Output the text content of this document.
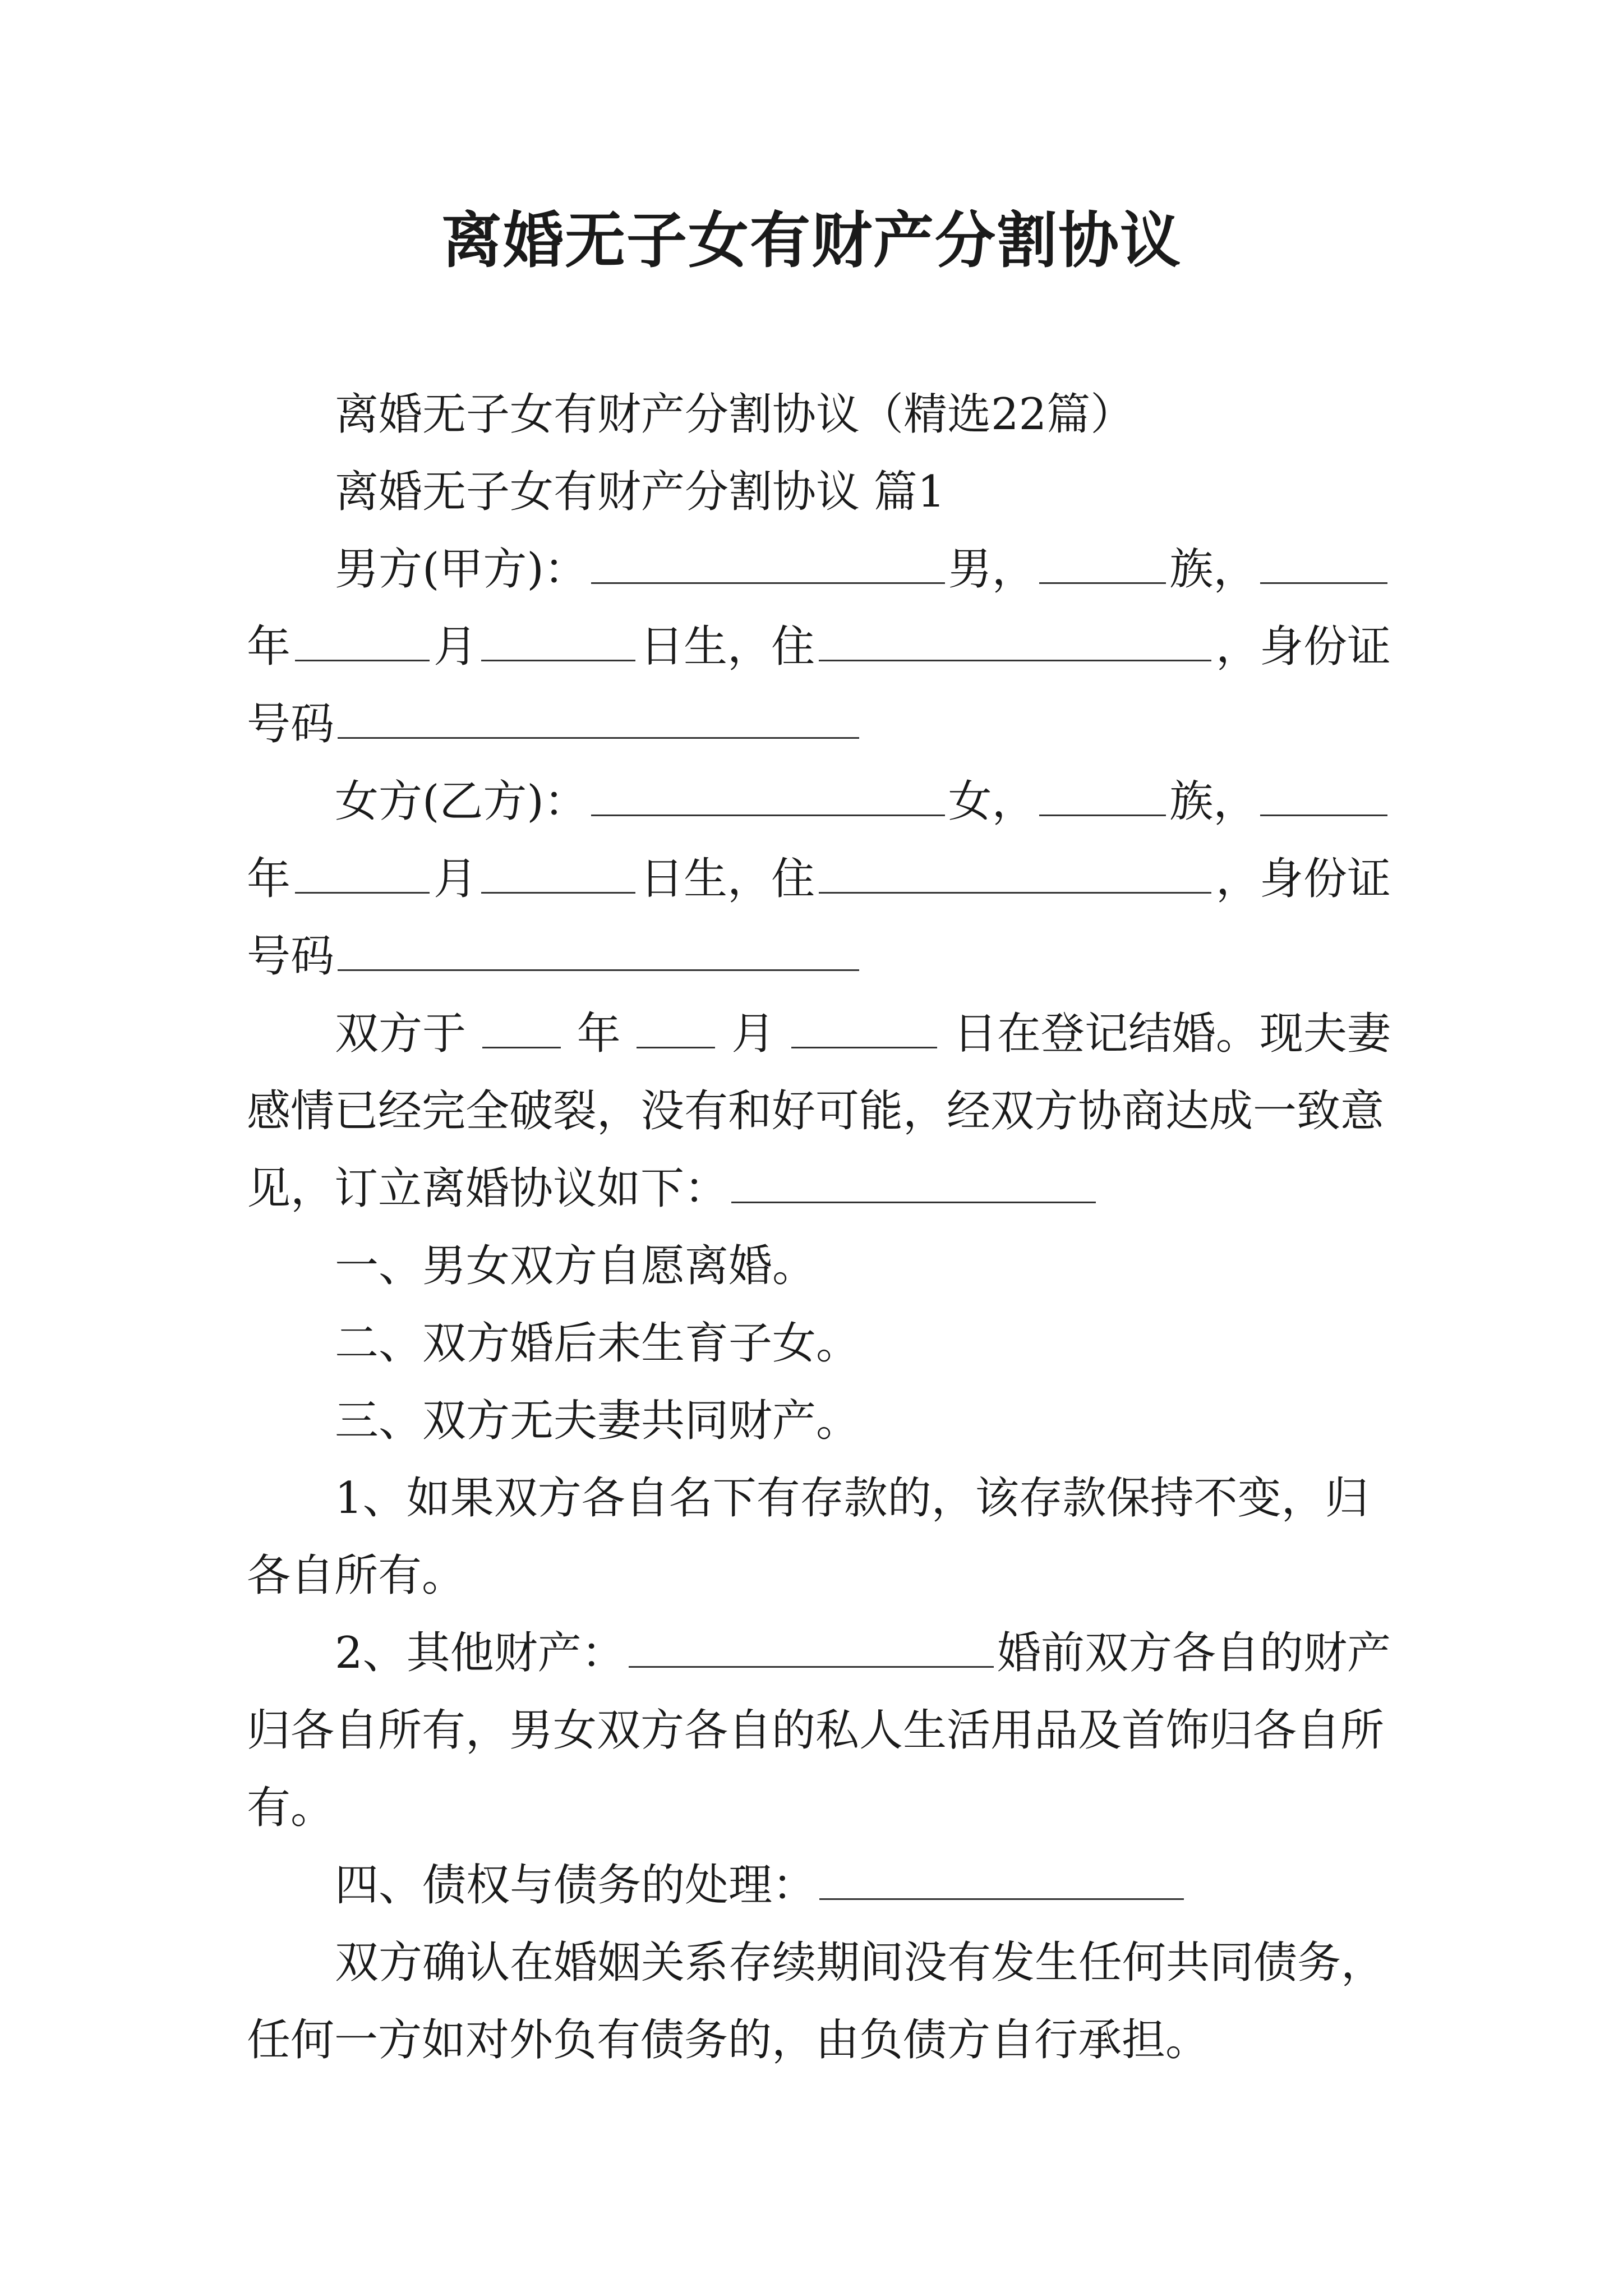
离婚无子女有财产分割协议
离婚无子女有财产分割协议（精选22篇）
离婚无子女有财产分割协议 篇1
男方(甲方)：	男，	族，
年	月	日生，住	，身份证
号码
女方(乙方)：	女，	族，
年	月	日生，住	，身份证
号码
双方于	年	月	日在登记结婚。现夫妻
感情已经完全破裂，没有和好可能，经双方协商达成一致意
见，订立离婚协议如下：
一、男女双方自愿离婚。
二、双方婚后未生育子女。
三、双方无夫妻共同财产。
1、如果双方各自名下有存款的，该存款保持不变，归
各自所有。
2、其他财产：	婚前双方各自的财产
归各自所有，男女双方各自的私人生活用品及首饰归各自所
有。
四、债权与债务的处理：
双方确认在婚姻关系存续期间没有发生任何共同债务，
任何一方如对外负有债务的，由负债方自行承担。
